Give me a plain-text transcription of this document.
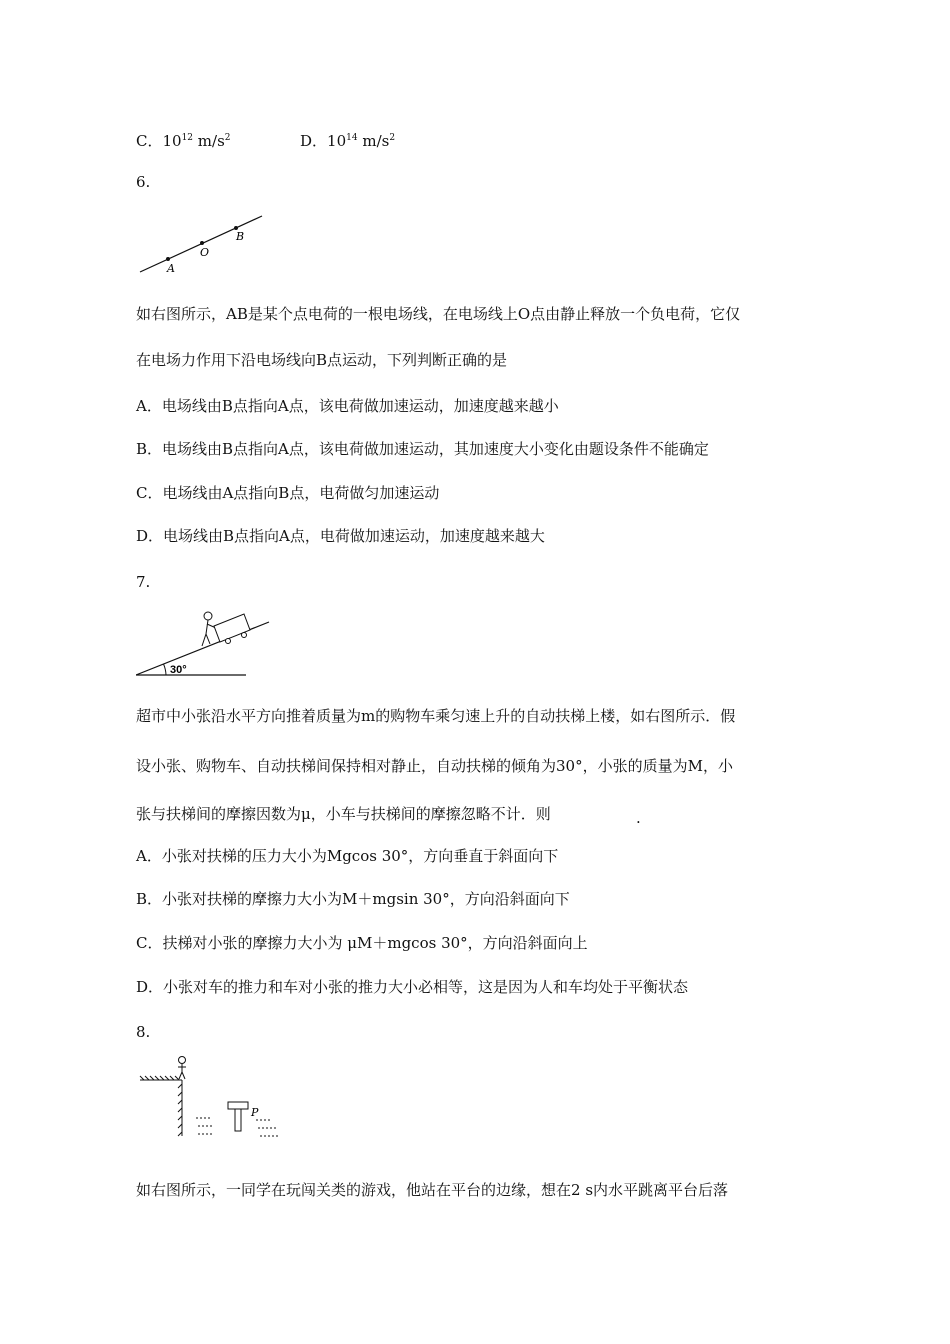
C．$10^{12}$ $m/s^2$	D．$10^{14}$ $m/s^2$
6.
A
O
B
如右图所示，AB是某个点电荷的一根电场线，在电场线上O点由静止释放一个负电荷，它仅
在电场力作用下沿电场线向B点运动，下列判断正确的是
A．电场线由B点指向A点，该电荷做加速运动，加速度越来越小
B．电场线由B点指向A点，该电荷做加速运动，其加速度大小变化由题设条件不能确定
C．电场线由A点指向B点，电荷做匀加速运动
D．电场线由B点指向A点，电荷做加速运动，加速度越来越大
7.
30°
超市中小张沿水平方向推着质量为m的购物车乘匀速上升的自动扶梯上楼，如右图所示．假
设小张、购物车、自动扶梯间保持相对静止，自动扶梯的倾角为30°，小张的质量为M，小
张与扶梯间的摩擦因数为μ，小车与扶梯间的摩擦忽略不计．则	.
A．小张对扶梯的压力大小为Mgcos 30°，方向垂直于斜面向下
B．小张对扶梯的摩擦力大小为M＋mgsin 30°，方向沿斜面向下
C．扶梯对小张的摩擦力大小为 μM＋mgcos 30°，方向沿斜面向上
D．小张对车的推力和车对小张的推力大小必相等，这是因为人和车均处于平衡状态
8.
P
如右图所示，一同学在玩闯关类的游戏，他站在平台的边缘，想在2 s内水平跳离平台后落
